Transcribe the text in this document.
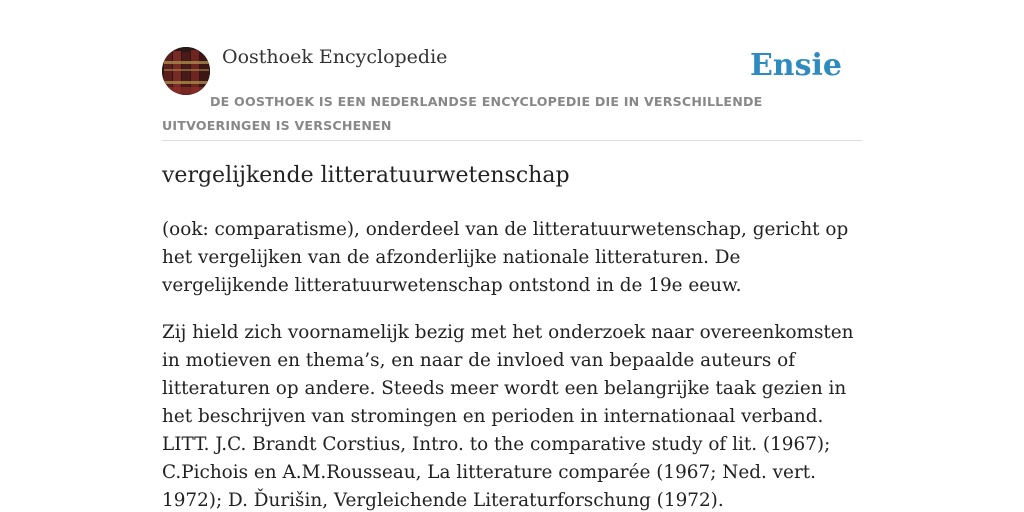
Oosthoek Encyclopedie	Ensie
DE OOSTHOEK IS EEN NEDERLANDSE ENCYCLOPEDIE DIE IN VERSCHILLENDE UITVOERINGEN IS VERSCHENEN
vergelijkende litteratuurwetenschap

(ook: comparatisme), onderdeel van de litteratuurwetenschap, gericht op het vergelijken van de afzonderlijke nationale litteraturen. De vergelijkende litteratuurwetenschap ontstond in de 19e eeuw.

Zij hield zich voornamelijk bezig met het onderzoek naar overeenkomsten in motieven en thema’s, en naar de invloed van bepaalde auteurs of litteraturen op andere. Steeds meer wordt een belangrijke taak gezien in het beschrijven van stromingen en perioden in internationaal verband. LITT. J.C. Brandt Corstius, Intro. to the comparative study of lit. (1967); C.Pichois en A.M.Rousseau, La litterature comparée (1967; Ned. vert. 1972); D. Ďurišin, Vergleichende Literaturforschung (1972).
